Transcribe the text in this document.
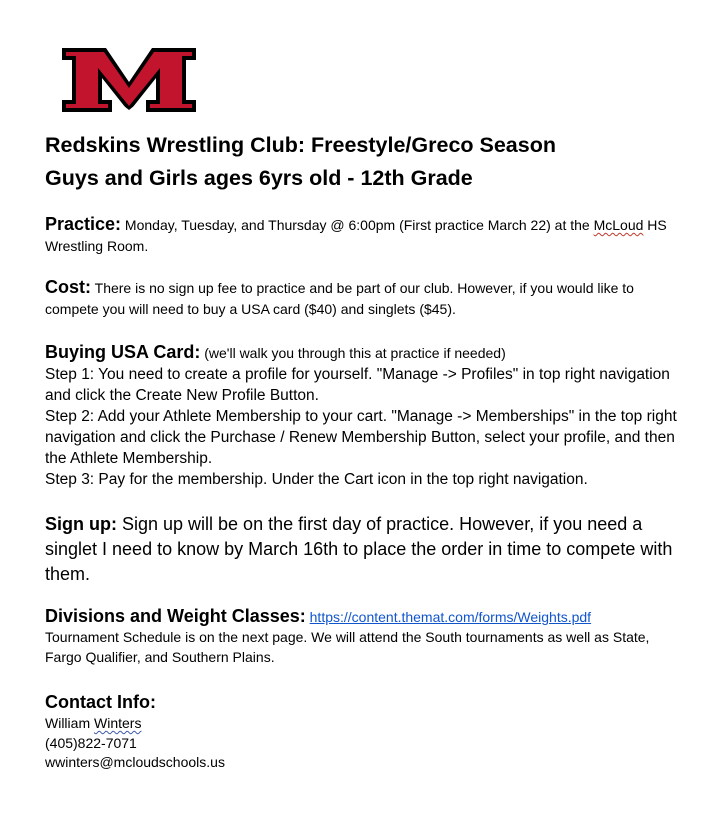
Redskins Wrestling Club: Freestyle/Greco Season
Guys and Girls ages 6yrs old - 12th Grade
Practice: Monday, Tuesday, and Thursday @ 6:00pm (First practice March 22) at the McLoud HS Wrestling Room.
Cost: There is no sign up fee to practice and be part of our club. However, if you would like to compete you will need to buy a USA card ($40) and singlets ($45).
Buying USA Card: (we'll walk you through this at practice if needed)
Step 1: You need to create a profile for yourself. "Manage -> Profiles" in top right navigation and click the Create New Profile Button.
Step 2: Add your Athlete Membership to your cart. "Manage -> Memberships" in the top right navigation and click the Purchase / Renew Membership Button, select your profile, and then the Athlete Membership.
Step 3: Pay for the membership. Under the Cart icon in the top right navigation.
Sign up: Sign up will be on the first day of practice. However, if you need a singlet I need to know by March 16th to place the order in time to compete with them.
Divisions and Weight Classes: https://content.themat.com/forms/Weights.pdf
Tournament Schedule is on the next page. We will attend the South tournaments as well as State, Fargo Qualifier, and Southern Plains.
Contact Info:
William Winters
(405)822-7071
wwinters@mcloudschools.us
